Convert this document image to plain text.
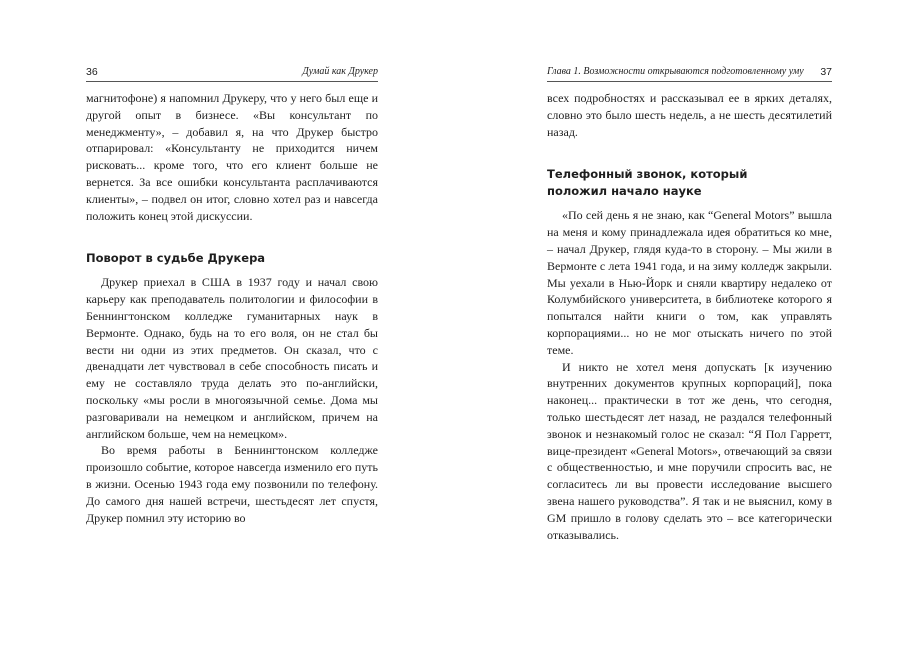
36	Думай как Друкер

магнитофоне) я напомнил Друкеру, что у него был еще и другой опыт в бизнесе. «Вы консультант по менеджменту», – добавил я, на что Друкер быстро отпарировал: «Консультанту не приходится ничем рисковать... кроме того, что его клиент больше не вернется. За все ошибки консультанта расплачиваются клиенты», – подвел он итог, словно хотел раз и навсегда положить конец этой дискуссии.

Поворот в судьбе Друкера

Друкер приехал в США в 1937 году и начал свою карьеру как преподаватель политологии и философии в Беннингтонском колледже гуманитарных наук в Вермонте. Однако, будь на то его воля, он не стал бы вести ни одни из этих предметов. Он сказал, что с двенадцати лет чувствовал в себе способность писать и ему не составляло труда делать это по-английски, поскольку «мы росли в многоязычной семье. Дома мы разговаривали на немецком и английском, причем на английском больше, чем на немецком».

Во время работы в Беннингтонском колледже произошло событие, которое навсегда изменило его путь в жизни. Осенью 1943 года ему позвонили по телефону. До самого дня нашей встречи, шестьдесят лет спустя, Друкер помнил эту историю во

Глава 1. Возможности открываются подготовленному уму 37

всех подробностях и рассказывал ее в ярких деталях, словно это было шесть недель, а не шесть десятилетий назад.

Телефонный звонок, который положил начало науке

«По сей день я не знаю, как “General Motors” вышла на меня и кому принадлежала идея обратиться ко мне, – начал Друкер, глядя куда-то в сторону. – Мы жили в Вермонте с лета 1941 года, и на зиму колледж закрыли. Мы уехали в Нью-Йорк и сняли квартиру недалеко от Колумбийского университета, в библиотеке которого я попытался найти книги о том, как управлять корпорациями... но не мог отыскать ничего по этой теме.

И никто не хотел меня допускать [к изучению внутренних документов крупных корпораций], пока наконец... практически в тот же день, что сегодня, только шестьдесят лет назад, не раздался телефонный звонок и незнакомый голос не сказал: “Я Пол Гарретт, вице-президент «General Motors», отвечающий за связи с общественностью, и мне поручили спросить вас, не согласитесь ли вы провести исследование высшего звена нашего руководства”. Я так и не выяснил, кому в GM пришло в голову сделать это – все категорически отказывались.
